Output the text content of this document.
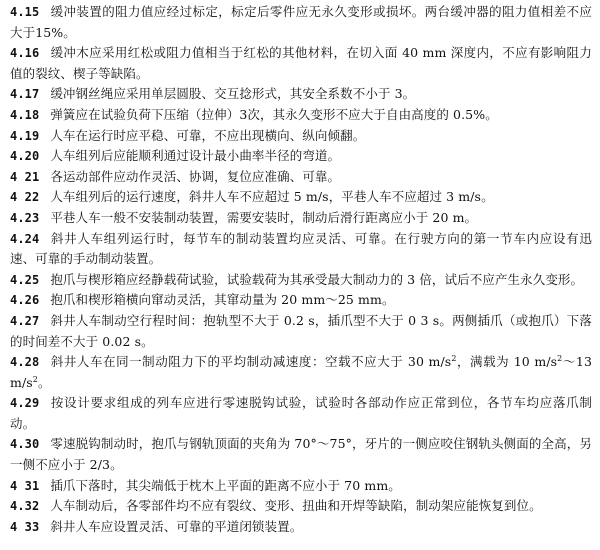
4.15 缓冲装置的阻力值应经过标定，标定后零件应无永久变形或损坏。两台缓冲器的阻力值相差不应大于15%。

4.16 缓冲木应采用红松或阻力值相当于红松的其他材料，在切入面 40 mm 深度内，不应有影响阻力值的裂纹、楔子等缺陷。

4.17 缓冲钢丝绳应采用单层圆股、交互捻形式，其安全系数不小于 3。

4.18 弹簧应在试验负荷下压缩（拉伸）3次，其永久变形不应大于自由高度的 0.5%。

4.19 人车在运行时应平稳、可靠，不应出现横向、纵向倾翻。

4.20 人车组列后应能顺利通过设计最小曲率半径的弯道。

4 21 各运动部件应动作灵活、协调，复位应准确、可靠。

4 22 人车组列后的运行速度，斜井人车不应超过 5 m/s，平巷人车不应超过 3 m/s。

4.23 平巷人车一般不安装制动装置，需要安装时，制动后滑行距离应小于 20 m。

4.24 斜井人车组列运行时，每节车的制动装置均应灵活、可靠。在行驶方向的第一节车内应设有迅速、可靠的手动制动装置。

4.25 抱爪与楔形箱应经静载荷试验，试验载荷为其承受最大制动力的 3 倍，试后不应产生永久变形。

4.26 抱爪和楔形箱横向窜动灵活，其窜动量为 20 mm～25 mm。

4.27 斜井人车制动空行程时间：抱轨型不大于 0.2 s，插爪型不大于 0 3 s。两侧插爪（或抱爪）下落的时间差不大于 0.02 s。

4.28 斜井人车在同一制动阻力下的平均制动减速度：空载不应大于 30 $m/s^2$，满载为 10 $m/s^2\sim 13$ $m/s^2$。

4.29 按设计要求组成的列车应进行零速脱钩试验，试验时各部动作应正常到位，各节车均应落爪制动。

4.30 零速脱钩制动时，抱爪与钢轨顶面的夹角为 70°～75°，牙片的一侧应咬住钢轨头侧面的全高，另一侧不应小于 2/3。

4 31 插爪下落时，其尖端低于枕木上平面的距离不应小于 70 mm。

4.32 人车制动后，各零部件均不应有裂纹、变形、扭曲和开焊等缺陷，制动架应能恢复到位。

4 33 斜井人车应设置灵活、可靠的平道闭锁装置。
